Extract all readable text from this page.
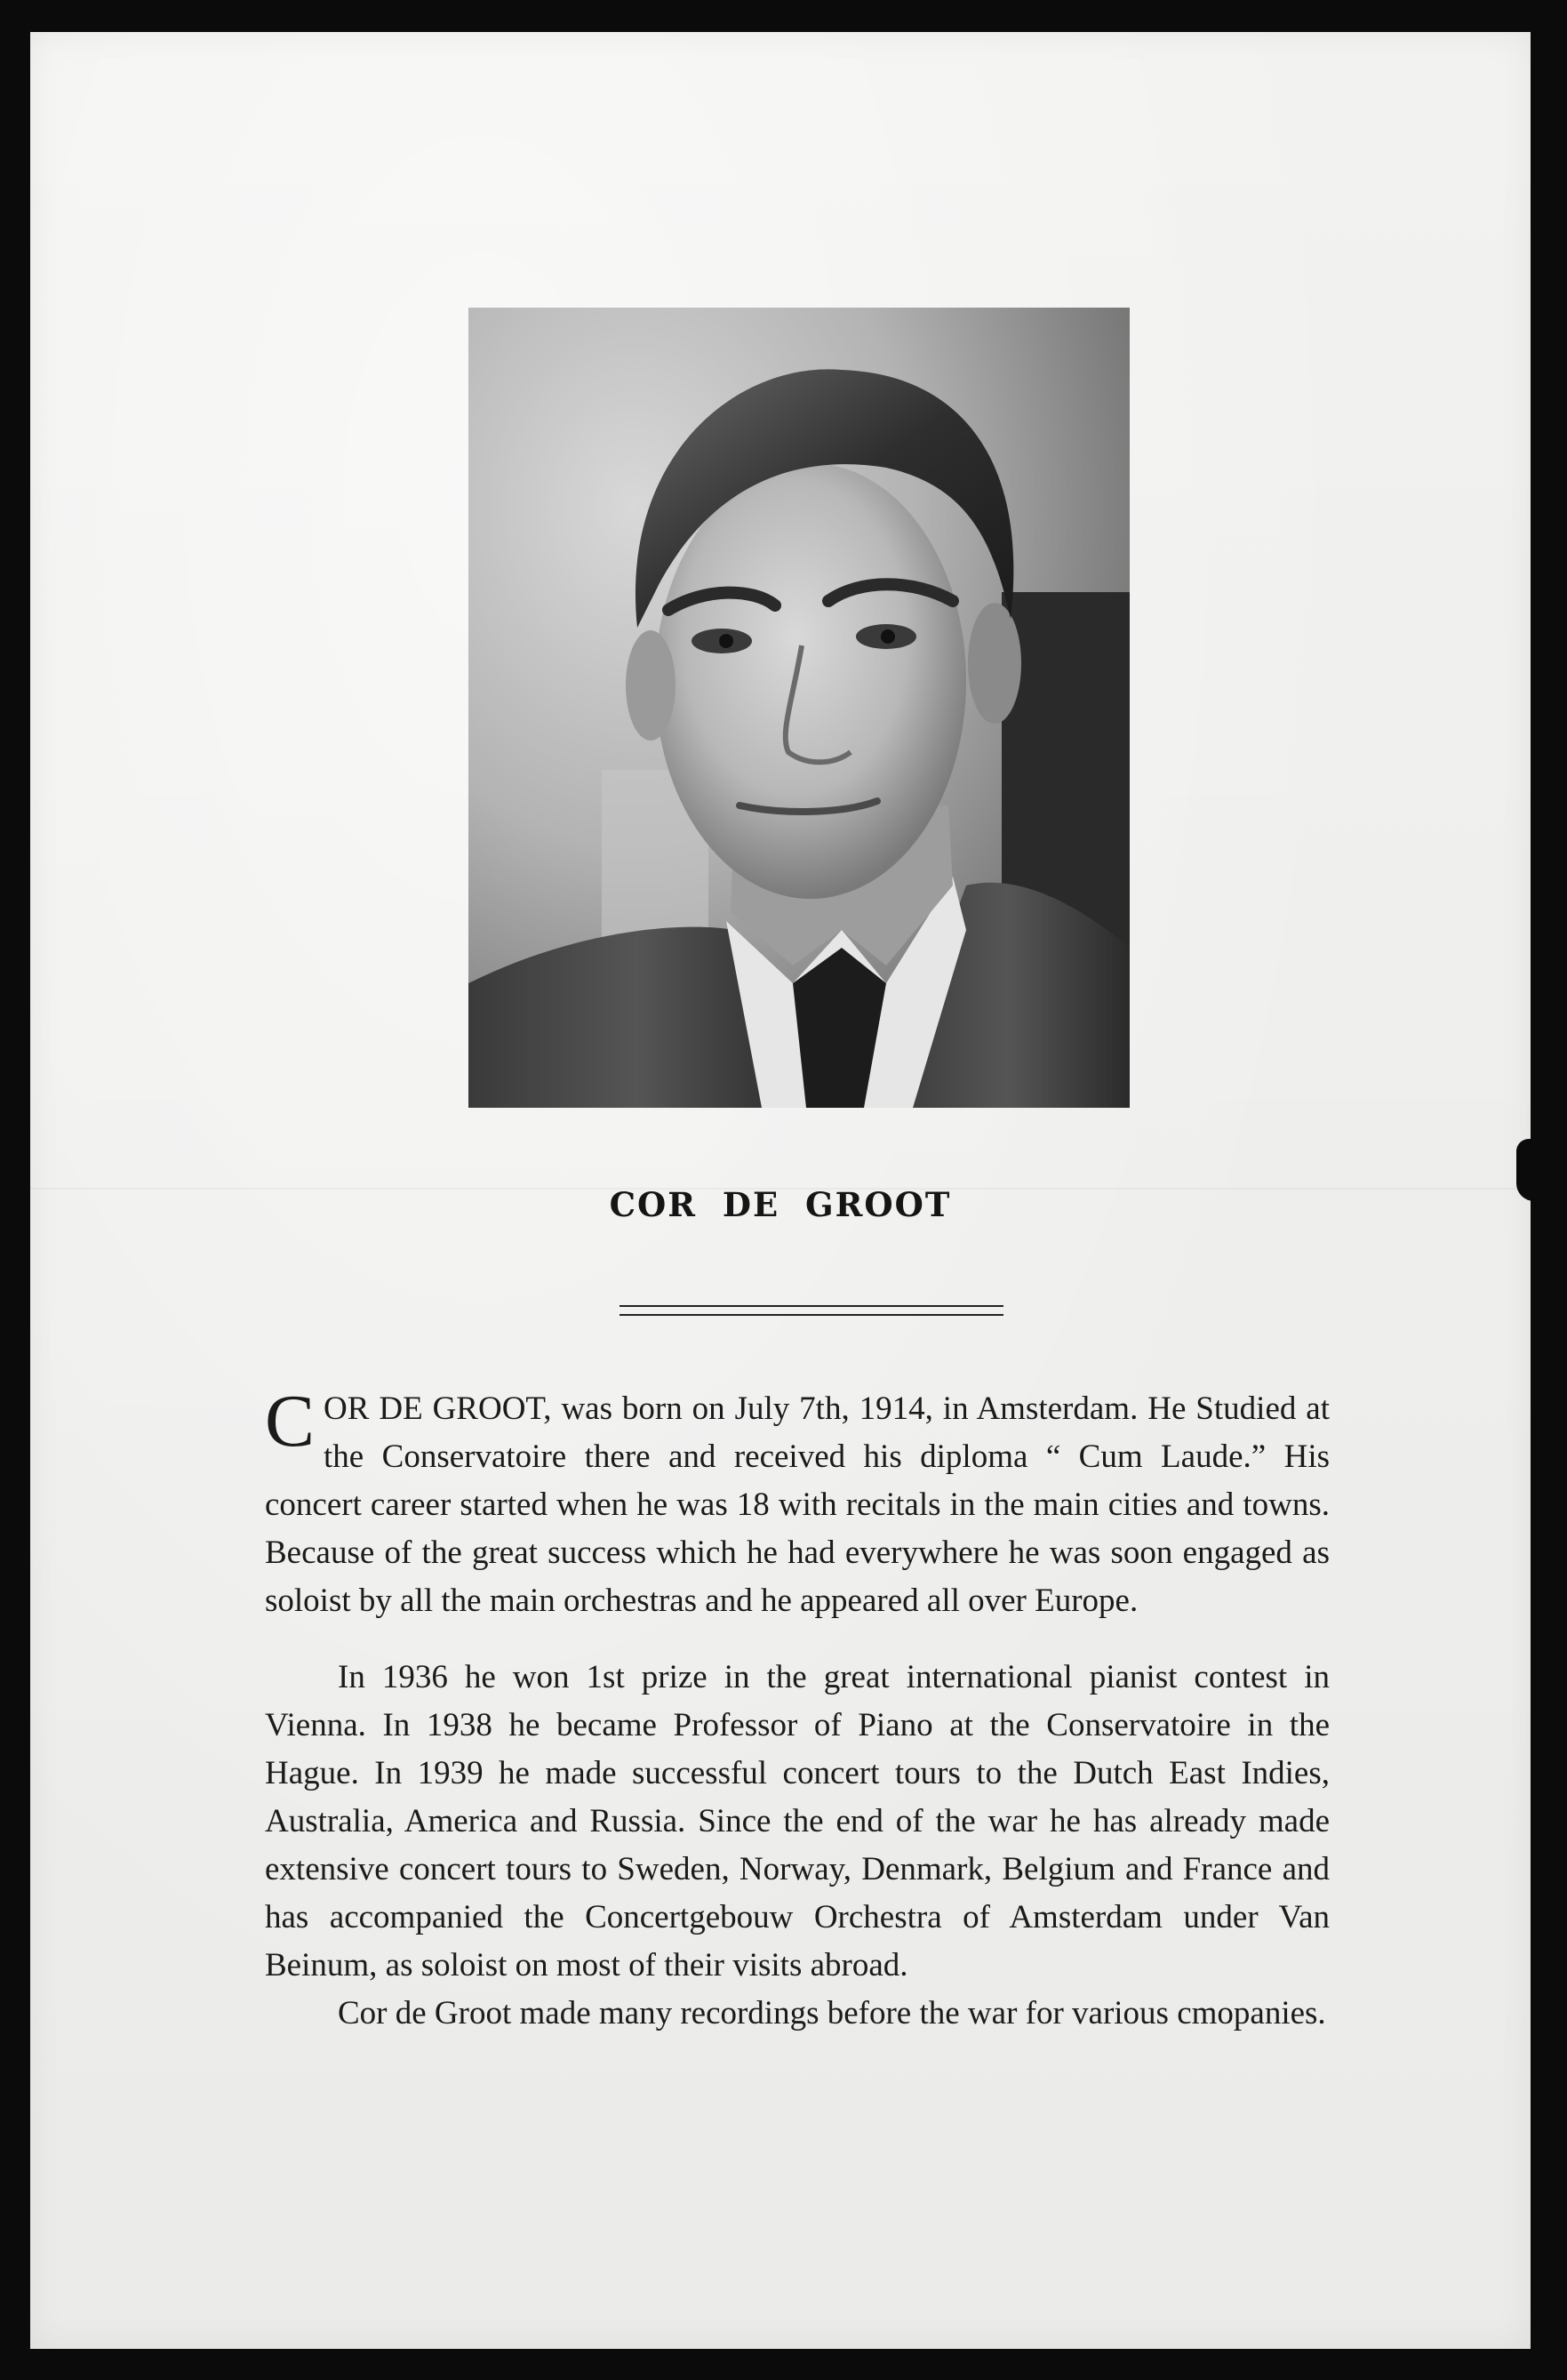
COR DE GROOT

COR DE GROOT, was born on July 7th, 1914, in Amsterdam. He Studied at the Conservatoire there and received his diploma “ Cum Laude.” His concert career started when he was 18 with recitals in the main cities and towns. Because of the great success which he had everywhere he was soon engaged as soloist by all the main orchestras and he appeared all over Europe.

In 1936 he won 1st prize in the great international pianist contest in Vienna. In 1938 he became Professor of Piano at the Conservatoire in the Hague. In 1939 he made successful concert tours to the Dutch East Indies, Australia, America and Russia. Since the end of the war he has already made extensive concert tours to Sweden, Norway, Denmark, Belgium and France and has accompanied the Concertgebouw Orchestra of Amsterdam under Van Beinum, as soloist on most of their visits abroad.

Cor de Groot made many recordings before the war for various cmopanies.
